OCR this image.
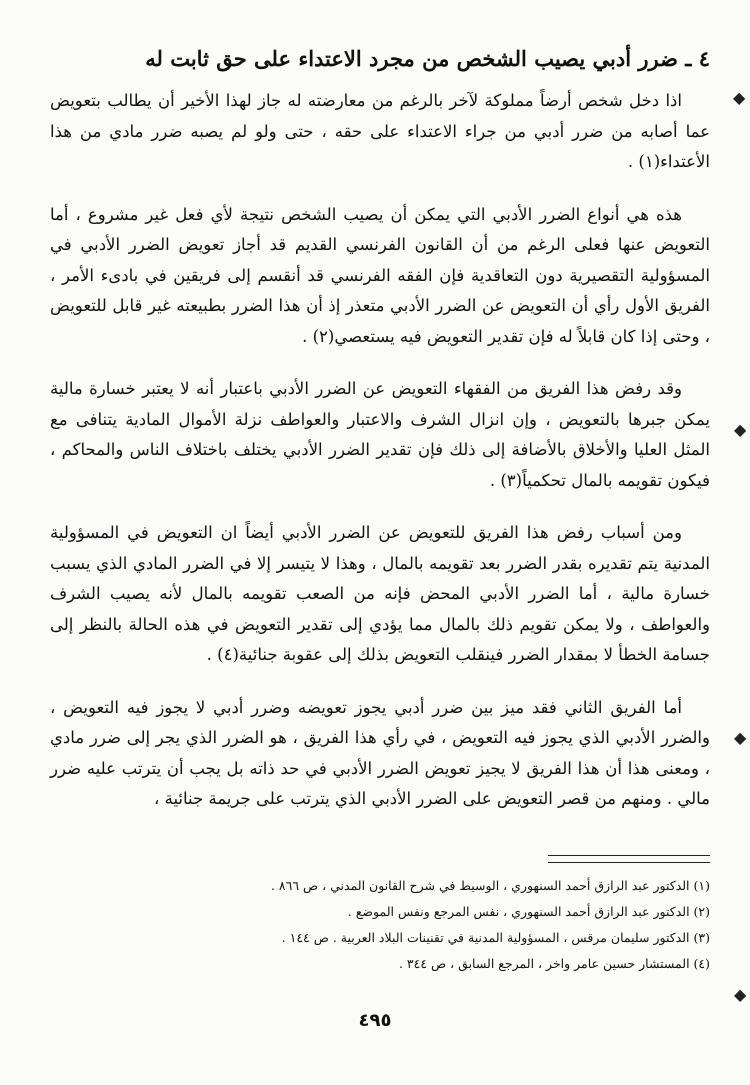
٤ ـ ضرر أدبي يصيب الشخص من مجرد الاعتداء على حق ثابت له

اذا دخل شخص أرضاً مملوكة لآخر بالرغم من معارضته له جاز لهذا الأخير أن يطالب بتعويض عما أصابه من ضرر أدبي من جراء الاعتداء على حقه ، حتى ولو لم يصبه ضرر مادي من هذا الأعتداء(١) .

هذه هي أنواع الضرر الأدبي التي يمكن أن يصيب الشخص نتيجة لأي فعل غير مشروع ، أما التعويض عنها فعلى الرغم من أن القانون الفرنسي القديم قد أجاز تعويض الضرر الأدبي في المسؤولية التقصيرية دون التعاقدية فإن الفقه الفرنسي قد أنقسم إلى فريقين في بادىء الأمر ، الفريق الأول رأي أن التعويض عن الضرر الأدبي متعذر إذ أن هذا الضرر بطبيعته غير قابل للتعويض ، وحتى إذا كان قابلاً له فإن تقدير التعويض فيه يستعصي(٢) .

وقد رفض هذا الفريق من الفقهاء التعويض عن الضرر الأدبي باعتبار أنه لا يعتبر خسارة مالية يمكن جبرها بالتعويض ، وإن انزال الشرف والاعتبار والعواطف نزلة الأموال المادية يتنافى مع المثل العليا والأخلاق بالأضافة إلى ذلك فإن تقدير الضرر الأدبي يختلف باختلاف الناس والمحاكم ، فيكون تقويمه بالمال تحكمياً(٣) .

ومن أسباب رفض هذا الفريق للتعويض عن الضرر الأدبي أيضاً ان التعويض في المسؤولية المدنية يتم تقديره بقدر الضرر بعد تقويمه بالمال ، وهذا لا يتيسر إلا في الضرر المادي الذي يسبب خسارة مالية ، أما الضرر الأدبي المحض فإنه من الصعب تقويمه بالمال لأنه يصيب الشرف والعواطف ، ولا يمكن تقويم ذلك بالمال مما يؤدي إلى تقدير التعويض في هذه الحالة بالنظر إلى جسامة الخطأ لا بمقدار الضرر فينقلب التعويض بذلك إلى عقوبة جنائية(٤) .

أما الفريق الثاني فقد ميز بين ضرر أدبي يجوز تعويضه وضرر أدبي لا يجوز فيه التعويض ، والضرر الأدبي الذي يجوز فيه التعويض ، في رأي هذا الفريق ، هو الضرر الذي يجر إلى ضرر مادي ، ومعنى هذا أن هذا الفريق لا يجيز تعويض الضرر الأدبي في حد ذاته بل يجب أن يترتب عليه ضرر مالي . ومنهم من قصر التعويض على الضرر الأدبي الذي يترتب على جريمة جنائية ،

(١) الدكتور عبد الرازق أحمد السنهوري ، الوسيط في شرح القانون المدني ، ص ٨٦٦ .

(٢) الدكتور عبد الرازق أحمد السنهوري ، نفس المرجع ونفس الموضع .

(٣) الدكتور سليمان مرقس ، المسؤولية المدنية في تقنينات البلاد العربية . ص ١٤٤ .

(٤) المستشار حسين عامر واخر ، المرجع السابق ، ص ٣٤٤ .

٤٩٥
◆
◆
◆
◆
